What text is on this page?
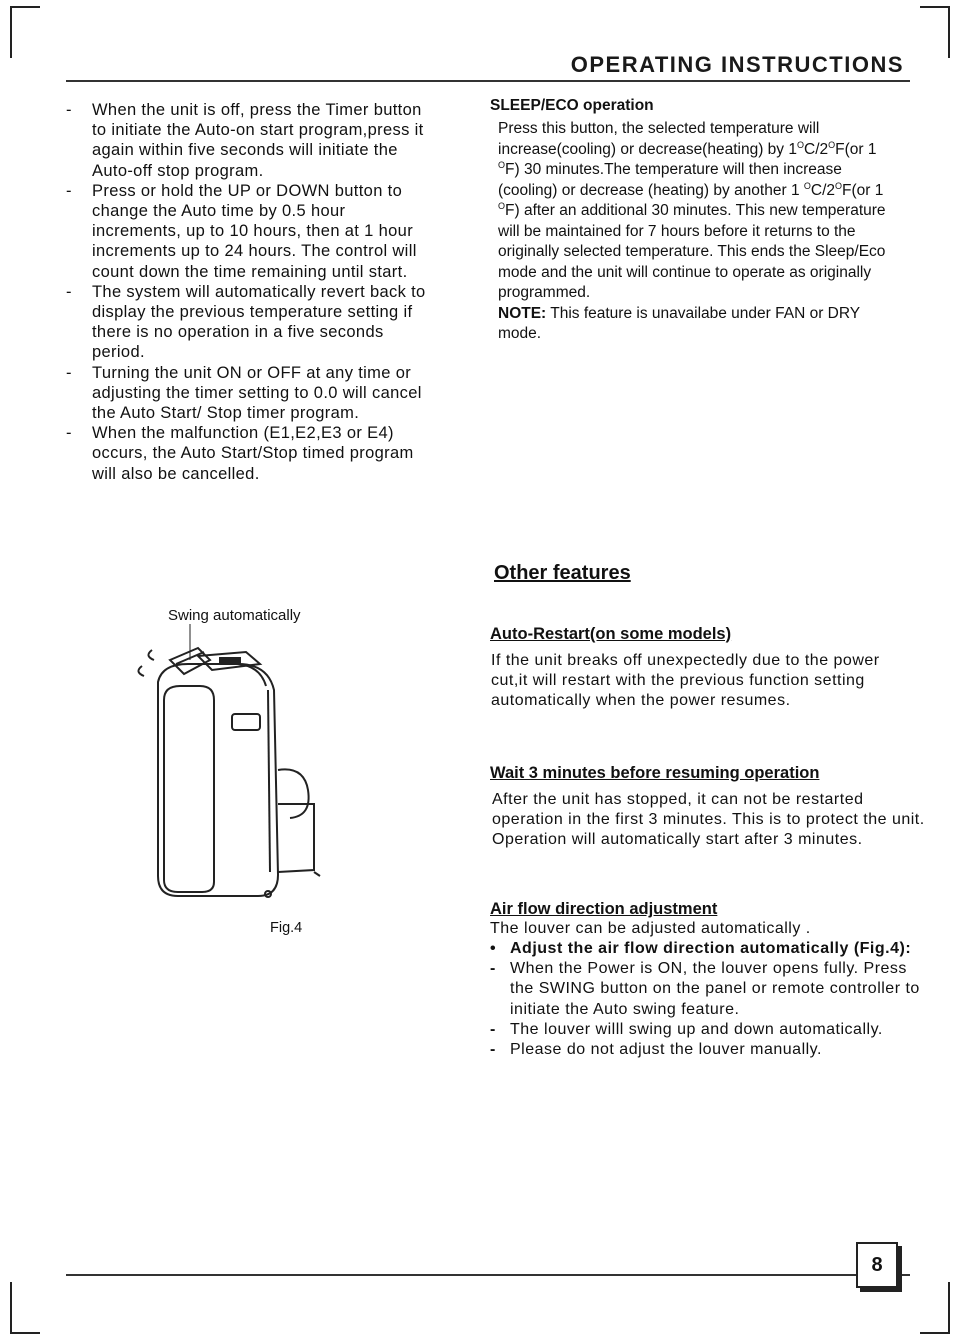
OPERATING INSTRUCTIONS
- When the unit is off, press the Timer button to initiate the Auto-on start program,press it again within five seconds will initiate the Auto-off stop program.
- Press or hold the UP or DOWN button to change the Auto time by 0.5 hour increments, up to 10 hours, then at 1 hour increments up to 24 hours. The control will count down the time remaining until start.
- The system will automatically revert back to display the previous temperature setting if there is no operation in a five seconds period.
- Turning the unit ON or OFF at any time or adjusting the timer setting to 0.0 will cancel the Auto Start/ Stop timer program.
- When the malfunction (E1,E2,E3 or E4) occurs, the Auto Start/Stop timed program will also be cancelled.
SLEEP/ECO operation

Press this button, the selected temperature will increase(cooling) or decrease(heating) by $1^OC/2^OF(or$ 1 $^O$F) 30 minutes.The temperature will then increase (cooling) or decrease (heating) by another 1 $^OC/2^OF(or$ 1 $^O$F) after an additional 30 minutes. This new temperature will be maintained for 7 hours before it returns to the originally selected temperature. This ends the Sleep/Eco mode and the unit will continue to operate as originally programmed.

NOTE: This feature is unavailabe under FAN or DRY mode.

Other features
Auto-Restart(on some models)
If the unit breaks off unexpectedly due to the power cut,it will restart with the previous function setting automatically when the power resumes.
Wait 3 minutes before resuming operation
After the unit has stopped, it can not be restarted operation in the first 3 minutes. This is to protect the unit. Operation will automatically start after 3 minutes.
Air flow direction adjustment
The louver can be adjusted automatically .
• Adjust the air flow direction automatically (Fig.4):
- When the Power is ON, the louver opens fully. Press the SWING button on the panel or remote controller to initiate the Auto swing feature.
- The louver willl swing up and down automatically.
- Please do not adjust the louver manually.
Swing automatically
Fig.4
8
